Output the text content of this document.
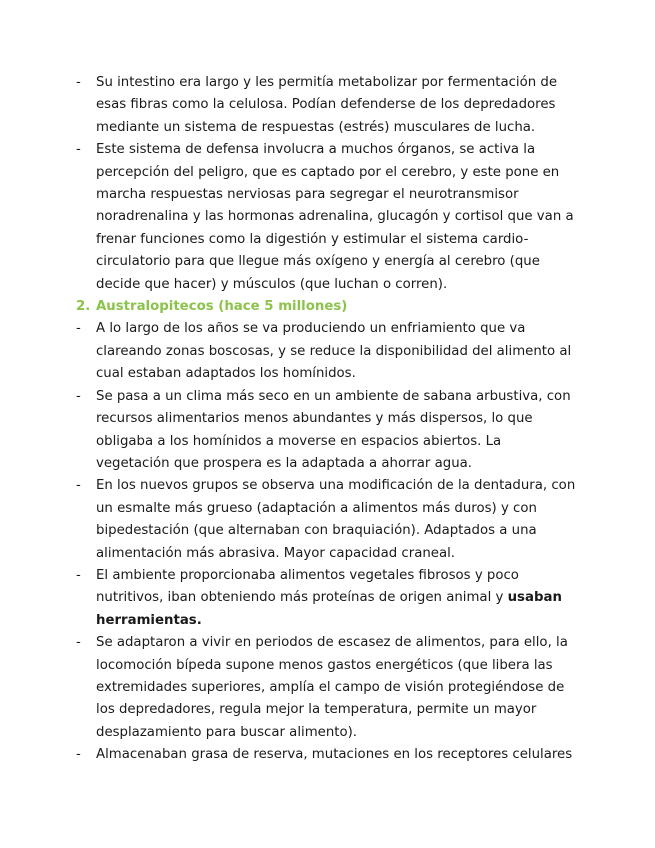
-	Su intestino era largo y les permitía metabolizar por fermentación de esas fibras como la celulosa. Podían defenderse de los depredadores mediante un sistema de respuestas (estrés) musculares de lucha.
-	Este sistema de defensa involucra a muchos órganos, se activa la percepción del peligro, que es captado por el cerebro, y este pone en marcha respuestas nerviosas para segregar el neurotransmisor noradrenalina y las hormonas adrenalina, glucagón y cortisol que van a frenar funciones como la digestión y estimular el sistema cardio-circulatorio para que llegue más oxígeno y energía al cerebro (que decide que hacer) y músculos (que luchan o corren).
2. Australopitecos (hace 5 millones)
-	A lo largo de los años se va produciendo un enfriamiento que va clareando zonas boscosas, y se reduce la disponibilidad del alimento al cual estaban adaptados los homínidos.
-	Se pasa a un clima más seco en un ambiente de sabana arbustiva, con recursos alimentarios menos abundantes y más dispersos, lo que obligaba a los homínidos a moverse en espacios abiertos. La vegetación que prospera es la adaptada a ahorrar agua.
-	En los nuevos grupos se observa una modificación de la dentadura, con un esmalte más grueso (adaptación a alimentos más duros) y con bipedestación (que alternaban con braquiación). Adaptados a una alimentación más abrasiva. Mayor capacidad craneal.
-	El ambiente proporcionaba alimentos vegetales fibrosos y poco nutritivos, iban obteniendo más proteínas de origen animal y usaban herramientas.
-	Se adaptaron a vivir en periodos de escasez de alimentos, para ello, la locomoción bípeda supone menos gastos energéticos (que libera las extremidades superiores, amplía el campo de visión protegiéndose de los depredadores, regula mejor la temperatura, permite un mayor desplazamiento para buscar alimento).
-	Almacenaban grasa de reserva, mutaciones en los receptores celulares
